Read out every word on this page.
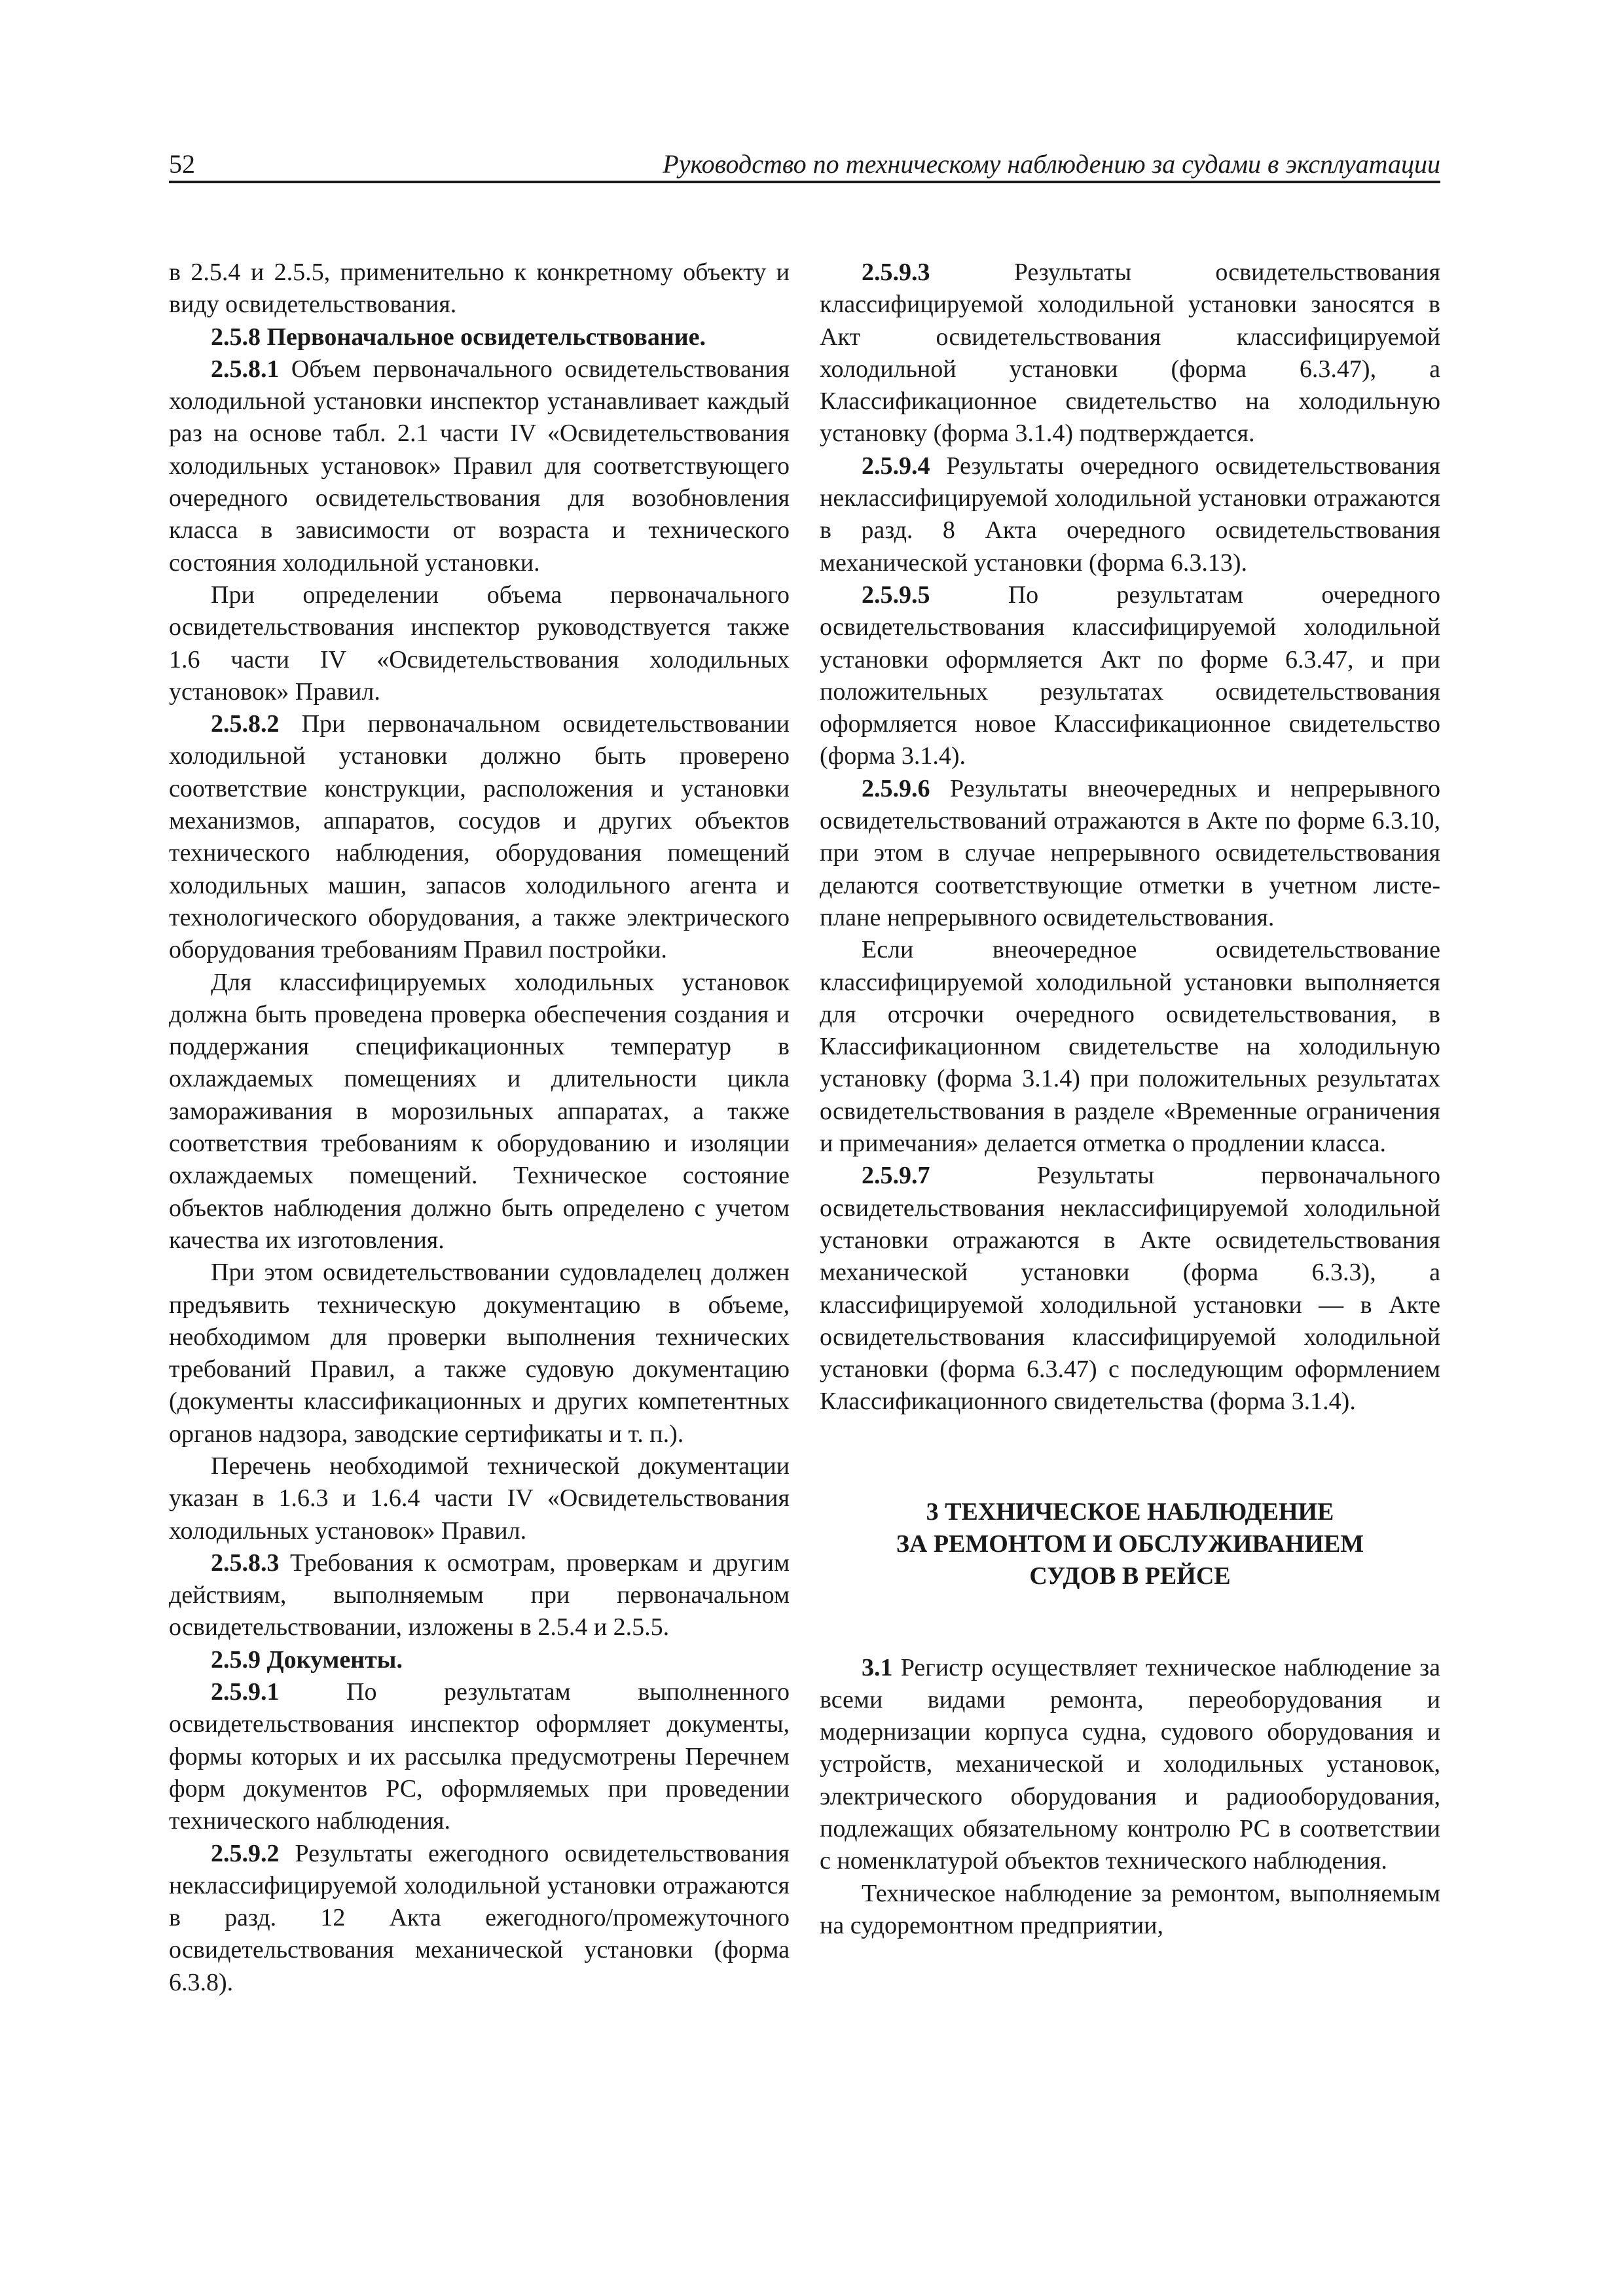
52	Руководство по техническому наблюдению за судами в эксплуатации

в 2.5.4 и 2.5.5, применительно к конкретному объекту и виду освидетельствования.

2.5.8 Первоначальное освидетельствование.

2.5.8.1 Объем первоначального освидетельствования холодильной установки инспектор устанавливает каждый раз на основе табл. 2.1 части IV «Освидетельствования холодильных установок» Правил для соответствующего очередного освидетельствования для возобновления класса в зависимости от возраста и технического состояния холодильной установки.

При определении объема первоначального освидетельствования инспектор руководствуется также 1.6 части IV «Освидетельствования холодильных установок» Правил.

2.5.8.2 При первоначальном освидетельствовании холодильной установки должно быть проверено соответствие конструкции, расположения и установки механизмов, аппаратов, сосудов и других объектов технического наблюдения, оборудования помещений холодильных машин, запасов холодильного агента и технологического оборудования, а также электрического оборудования требованиям Правил постройки.

Для классифицируемых холодильных установок должна быть проведена проверка обеспечения создания и поддержания спецификационных температур в охлаждаемых помещениях и длительности цикла замораживания в морозильных аппаратах, а также соответствия требованиям к оборудованию и изоляции охлаждаемых помещений. Техническое состояние объектов наблюдения должно быть определено с учетом качества их изготовления.

При этом освидетельствовании судовладелец должен предъявить техническую документацию в объеме, необходимом для проверки выполнения технических требований Правил, а также судовую документацию (документы классификационных и других компетентных органов надзора, заводские сертификаты и т. п.).

Перечень необходимой технической документации указан в 1.6.3 и 1.6.4 части IV «Освидетельствования холодильных установок» Правил.

2.5.8.3 Требования к осмотрам, проверкам и другим действиям, выполняемым при первоначальном освидетельствовании, изложены в 2.5.4 и 2.5.5.

2.5.9 Документы.

2.5.9.1 По результатам выполненного освидетельствования инспектор оформляет документы, формы которых и их рассылка предусмотрены Перечнем форм документов РС, оформляемых при проведении технического наблюдения.

2.5.9.2 Результаты ежегодного освидетельствования неклассифицируемой холодильной установки отражаются в разд. 12 Акта ежегодного/промежуточного освидетельствования механической установки (форма 6.3.8).

2.5.9.3 Результаты освидетельствования классифицируемой холодильной установки заносятся в Акт освидетельствования классифицируемой холодильной установки (форма 6.3.47), а Классификационное свидетельство на холодильную установку (форма 3.1.4) подтверждается.

2.5.9.4 Результаты очередного освидетельствования неклассифицируемой холодильной установки отражаются в разд. 8 Акта очередного освидетельствования механической установки (форма 6.3.13).

2.5.9.5 По результатам очередного освидетельствования классифицируемой холодильной установки оформляется Акт по форме 6.3.47, и при положительных результатах освидетельствования оформляется новое Классификационное свидетельство (форма 3.1.4).

2.5.9.6 Результаты внеочередных и непрерывного освидетельствований отражаются в Акте по форме 6.3.10, при этом в случае непрерывного освидетельствования делаются соответствующие отметки в учетном листе-плане непрерывного освидетельствования.

Если внеочередное освидетельствование классифицируемой холодильной установки выполняется для отсрочки очередного освидетельствования, в Классификационном свидетельстве на холодильную установку (форма 3.1.4) при положительных результатах освидетельствования в разделе «Временные ограничения и примечания» делается отметка о продлении класса.

2.5.9.7 Результаты первоначального освидетельствования неклассифицируемой холодильной установки отражаются в Акте освидетельствования механической установки (форма 6.3.3), а классифицируемой холодильной установки — в Акте освидетельствования классифицируемой холодильной установки (форма 6.3.47) с последующим оформлением Классификационного свидетельства (форма 3.1.4).

3 ТЕХНИЧЕСКОЕ НАБЛЮДЕНИЕ
ЗА РЕМОНТОМ И ОБСЛУЖИВАНИЕМ
СУДОВ В РЕЙСЕ

3.1 Регистр осуществляет техническое наблюдение за всеми видами ремонта, переоборудования и модернизации корпуса судна, судового оборудования и устройств, механической и холодильных установок, электрического оборудования и радиооборудования, подлежащих обязательному контролю РС в соответствии с номенклатурой объектов технического наблюдения.

Техническое наблюдение за ремонтом, выполняемым на судоремонтном предприятии,
